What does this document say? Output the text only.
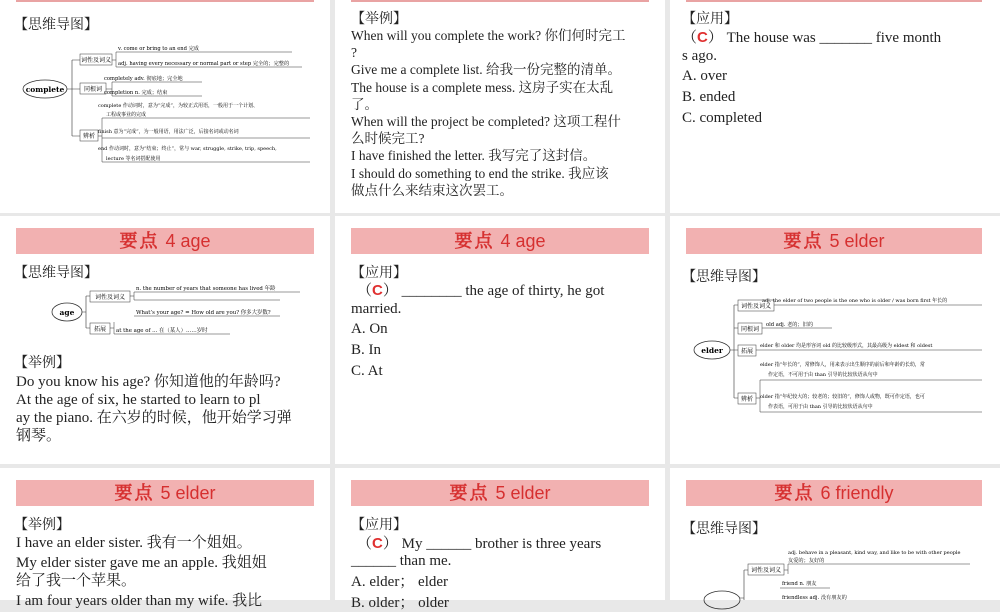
【思维导图】
complete
词性及词义
同根词
辨析
v. come or bring to an end 完成
adj. having every necessary or normal part or step 完全的；完整的
completely adv. 彻底地；完全地
completion n. 完成；结束
complete 作动词时，意为“完成”，为较正式用语，一般用于一个计划、
工程或事业的完成
finish 意为“完成”，为一般用语，用法广泛，后接名词或动名词
end 作动词时，意为“结束；终止”，常与 war, struggle, strike, trip, speech,
lecture 等名词搭配使用
【举例】
When will you complete the work? 你们何时完工
?
Give me a complete list. 给我一份完整的清单。
The house is a complete mess. 这房子实在太乱
了。
When will the project be completed? 这项工程什
么时候完工?
I have finished the letter. 我写完了这封信。
I should do something to end the strike. 我应该
做点什么来结束这次罢工。
【应用】
（C） The house was _______ five month
s ago.
A. over
B. ended
C. completed
要点 4 age
【思维导图】
age
词性及词义
拓展
n. the number of years that someone has lived 年龄
What’s your age? = How old are you? 你多大岁数?
at the age of ... 在（某人）……岁时
【举例】
Do you know his age? 你知道他的年龄吗?
At the age of six, he started to learn to pl
ay the piano. 在六岁的时候，他开始学习弹
钢琴。
要点 4 age
【应用】
（C） ________ the age of thirty, he got
married.
A. On
B. In
C. At
要点 5 elder
【思维导图】
elder
词性及词义
同根词
拓展
辨析
adj. the elder of two people is the one who is older / was born first 年长的
old adj. 老的；旧的
elder 和 older 均是形容词 old 的比较级形式，其最高级为 eldest 和 oldest
elder 指“年长的”，常修饰人，用来表示出生顺序的前后和年龄的长幼，常
作定语，不可用于由 than 引导的比较状语从句中
older 指“年纪较大的；较老的；较旧的”，修饰人或物，既可作定语，也可
作表语，可用于由 than 引导的比较状语从句中
要点 5 elder
【举例】
I have an elder sister. 我有一个姐姐。
My elder sister gave me an apple. 我姐姐
给了我一个苹果。
I am four years older than my wife. 我比
要点 5 elder
【应用】
（C） My ______ brother is three years
______ than me.
A. elder； elder
B. older； older
要点 6 friendly
【思维导图】
词性及词义
adj. behave in a pleasant, kind way, and like to be with other people
友爱的；友好的
friend n. 朋友
friendless adj. 没有朋友的
